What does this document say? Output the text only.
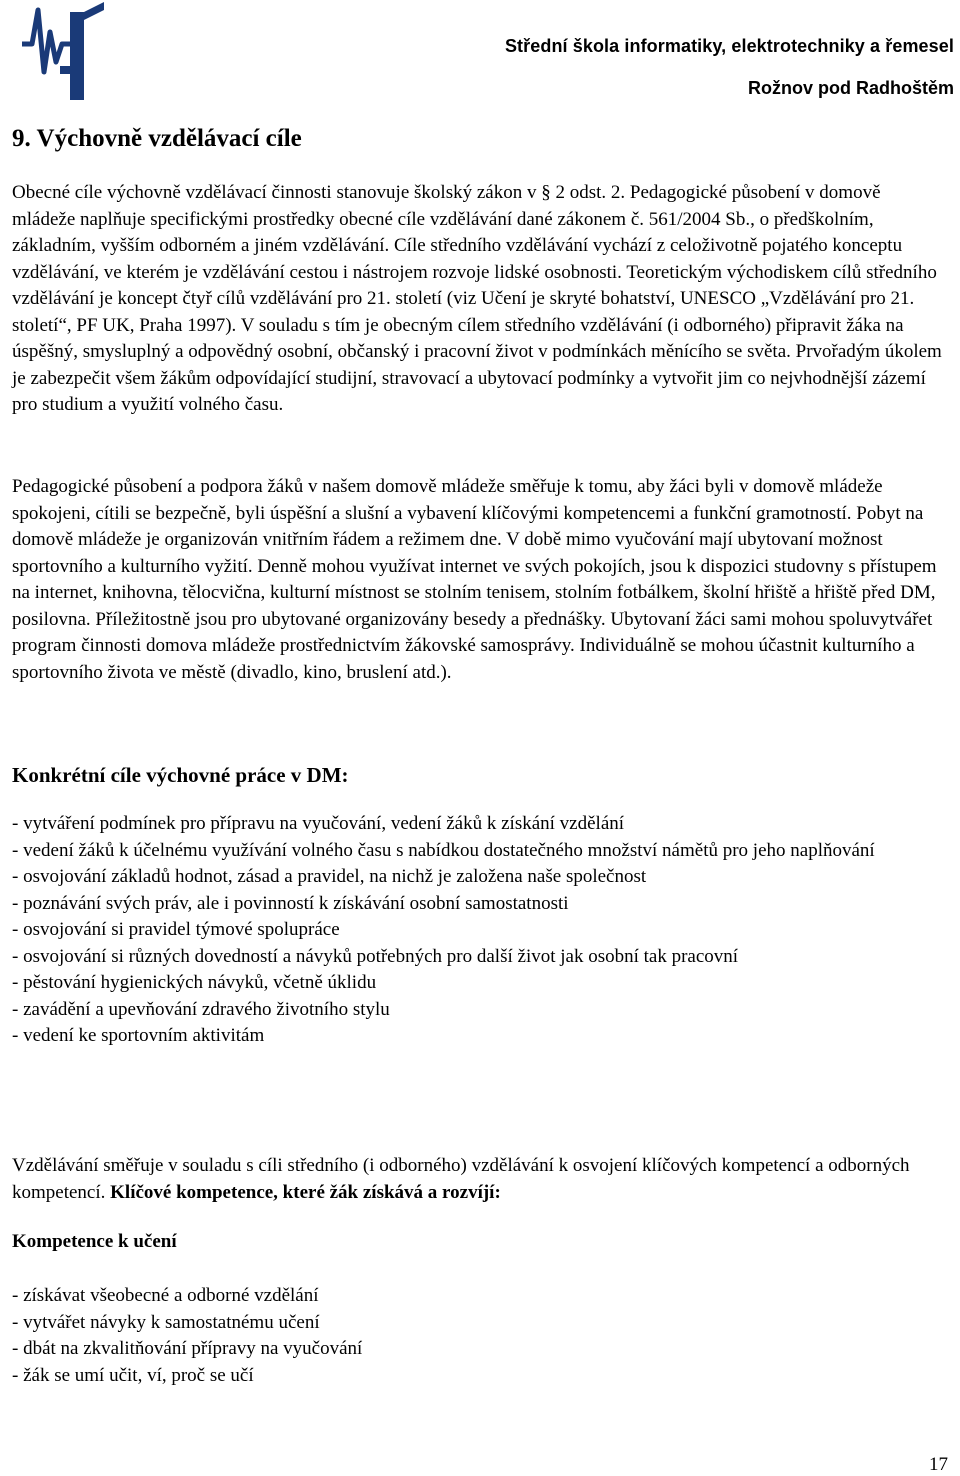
Střední škola informatiky, elektrotechniky a řemesel
Rožnov pod Radhoštěm
9. Výchovně vzdělávací cíle

Obecné cíle výchovně vzdělávací činnosti stanovuje školský zákon v § 2 odst. 2. Pedagogické působení v domově mládeže naplňuje specifickými prostředky obecné cíle vzdělávání dané zákonem č. 561/2004 Sb., o předškolním, základním, vyšším odborném a jiném vzdělávání. Cíle středního vzdělávání vychází z celoživotně pojatého konceptu vzdělávání, ve kterém je vzdělávání cestou i nástrojem rozvoje lidské osobnosti. Teoretickým východiskem cílů středního vzdělávání je koncept čtyř cílů vzdělávání pro 21. století (viz Učení je skryté bohatství, UNESCO „Vzdělávání pro 21. století“, PF UK, Praha 1997). V souladu s tím je obecným cílem středního vzdělávání (i odborného) připravit žáka na úspěšný, smysluplný a odpovědný osobní, občanský i pracovní život v podmínkách měnícího se světa. Prvořadým úkolem je zabezpečit všem žákům odpovídající studijní, stravovací a ubytovací podmínky a vytvořit jim co nejvhodnější zázemí pro studium a využití volného času.

Pedagogické působení a podpora žáků v našem domově mládeže směřuje k tomu, aby žáci byli v domově mládeže spokojeni, cítili se bezpečně, byli úspěšní a slušní a vybavení klíčovými kompetencemi a funkční gramotností. Pobyt na domově mládeže je organizován vnitřním řádem a režimem dne. V době mimo vyučování mají ubytovaní možnost sportovního a kulturního vyžití. Denně mohou využívat internet ve svých pokojích, jsou k dispozici studovny s přístupem na internet, knihovna, tělocvična, kulturní místnost se stolním tenisem, stolním fotbálkem, školní hřiště a hřiště před DM, posilovna. Příležitostně jsou pro ubytované organizovány besedy a přednášky. Ubytovaní žáci sami mohou spoluvytvářet program činnosti domova mládeže prostřednictvím žákovské samosprávy. Individuálně se mohou účastnit kulturního a sportovního života ve městě (divadlo, kino, bruslení atd.).

Konkrétní cíle výchovné práce v DM:
- vytváření podmínek pro přípravu na vyučování, vedení žáků k získání vzdělání
- vedení žáků k účelnému využívání volného času s nabídkou dostatečného množství námětů pro jeho naplňování
- osvojování základů hodnot, zásad a pravidel, na nichž je založena naše společnost
- poznávání svých práv, ale i povinností k získávání osobní samostatnosti
- osvojování si pravidel týmové spolupráce
- osvojování si různých dovedností a návyků potřebných pro další život jak osobní tak pracovní
- pěstování hygienických návyků, včetně úklidu
- zavádění a upevňování zdravého životního stylu
- vedení ke sportovním aktivitám

Vzdělávání směřuje v souladu s cíli středního (i odborného) vzdělávání k osvojení klíčových kompetencí a odborných kompetencí. Klíčové kompetence, které žák získává a rozvíjí:

Kompetence k učení
- získávat všeobecné a odborné vzdělání
- vytvářet návyky k samostatnému učení
- dbát na zkvalitňování přípravy na vyučování
- žák se umí učit, ví, proč se učí
17
